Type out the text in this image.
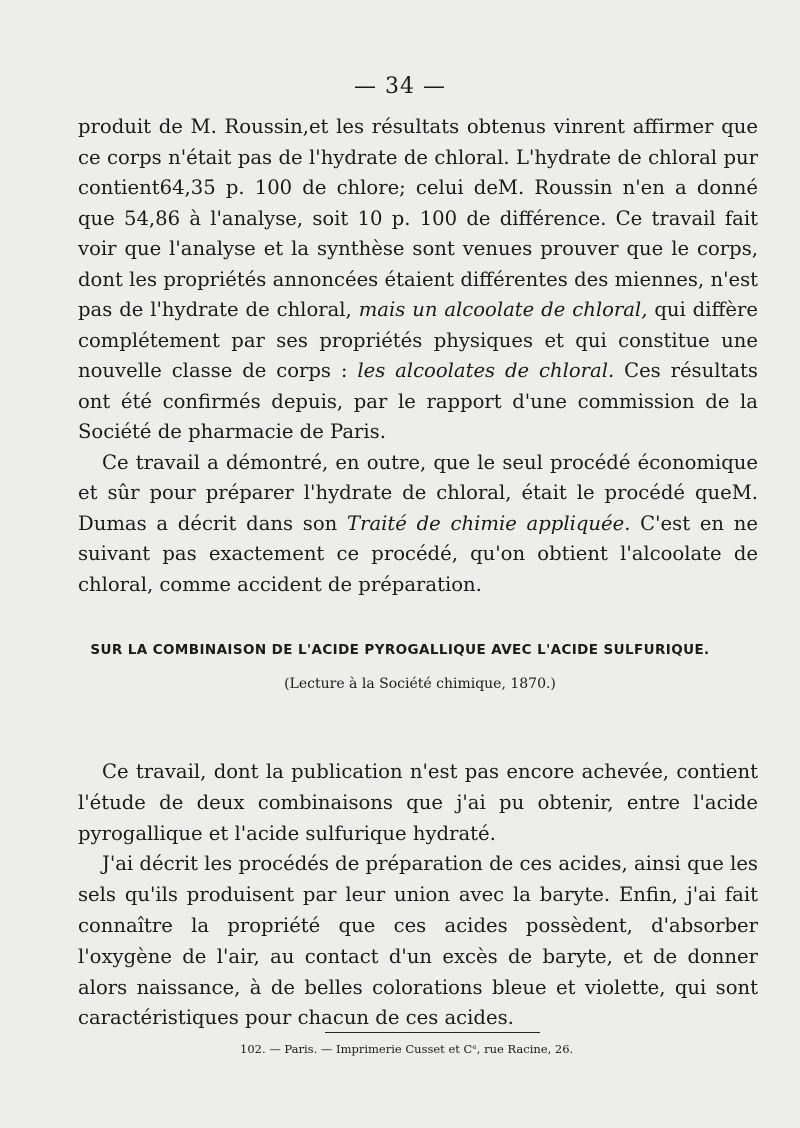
— 34 —

produit de M. Roussin,et les résultats obtenus vinrent affirmer que ce corps n'était pas de l'hydrate de chloral. L'hydrate de chloral pur contient64,35 p. 100 de chlore; celui deM. Roussin n'en a donné que 54,86 à l'analyse, soit 10 p. 100 de différence. Ce travail fait voir que l'analyse et la synthèse sont venues prouver que le corps, dont les propriétés annoncées étaient différentes des miennes, n'est pas de l'hydrate de chloral, mais un alcoolate de chloral, qui diffère complétement par ses propriétés physiques et qui constitue une nouvelle classe de corps : les alcoolates de chloral. Ces résultats ont été confirmés depuis, par le rapport d'une commission de la Société de pharmacie de Paris.

Ce travail a démontré, en outre, que le seul procédé économique et sûr pour préparer l'hydrate de chloral, était le procédé queM. Dumas a décrit dans son Traité de chimie appliquée. C'est en ne suivant pas exactement ce procédé, qu'on obtient l'alcoolate de chloral, comme accident de préparation.

SUR LA COMBINAISON DE L'ACIDE PYROGALLIQUE AVEC L'ACIDE SULFURIQUE.
(Lecture à la Société chimique, 1870.)

Ce travail, dont la publication n'est pas encore achevée, contient l'étude de deux combinaisons que j'ai pu obtenir, entre l'acide pyrogallique et l'acide sulfurique hydraté.

J'ai décrit les procédés de préparation de ces acides, ainsi que les sels qu'ils produisent par leur union avec la baryte. Enfin, j'ai fait connaître la propriété que ces acides possèdent, d'absorber l'oxygène de l'air, au contact d'un excès de baryte, et de donner alors naissance, à de belles colorations bleue et violette, qui sont caractéristiques pour chacun de ces acides.

102. — Paris. — Imprimerie Cusset et Cᵉ, rue Racine, 26.
